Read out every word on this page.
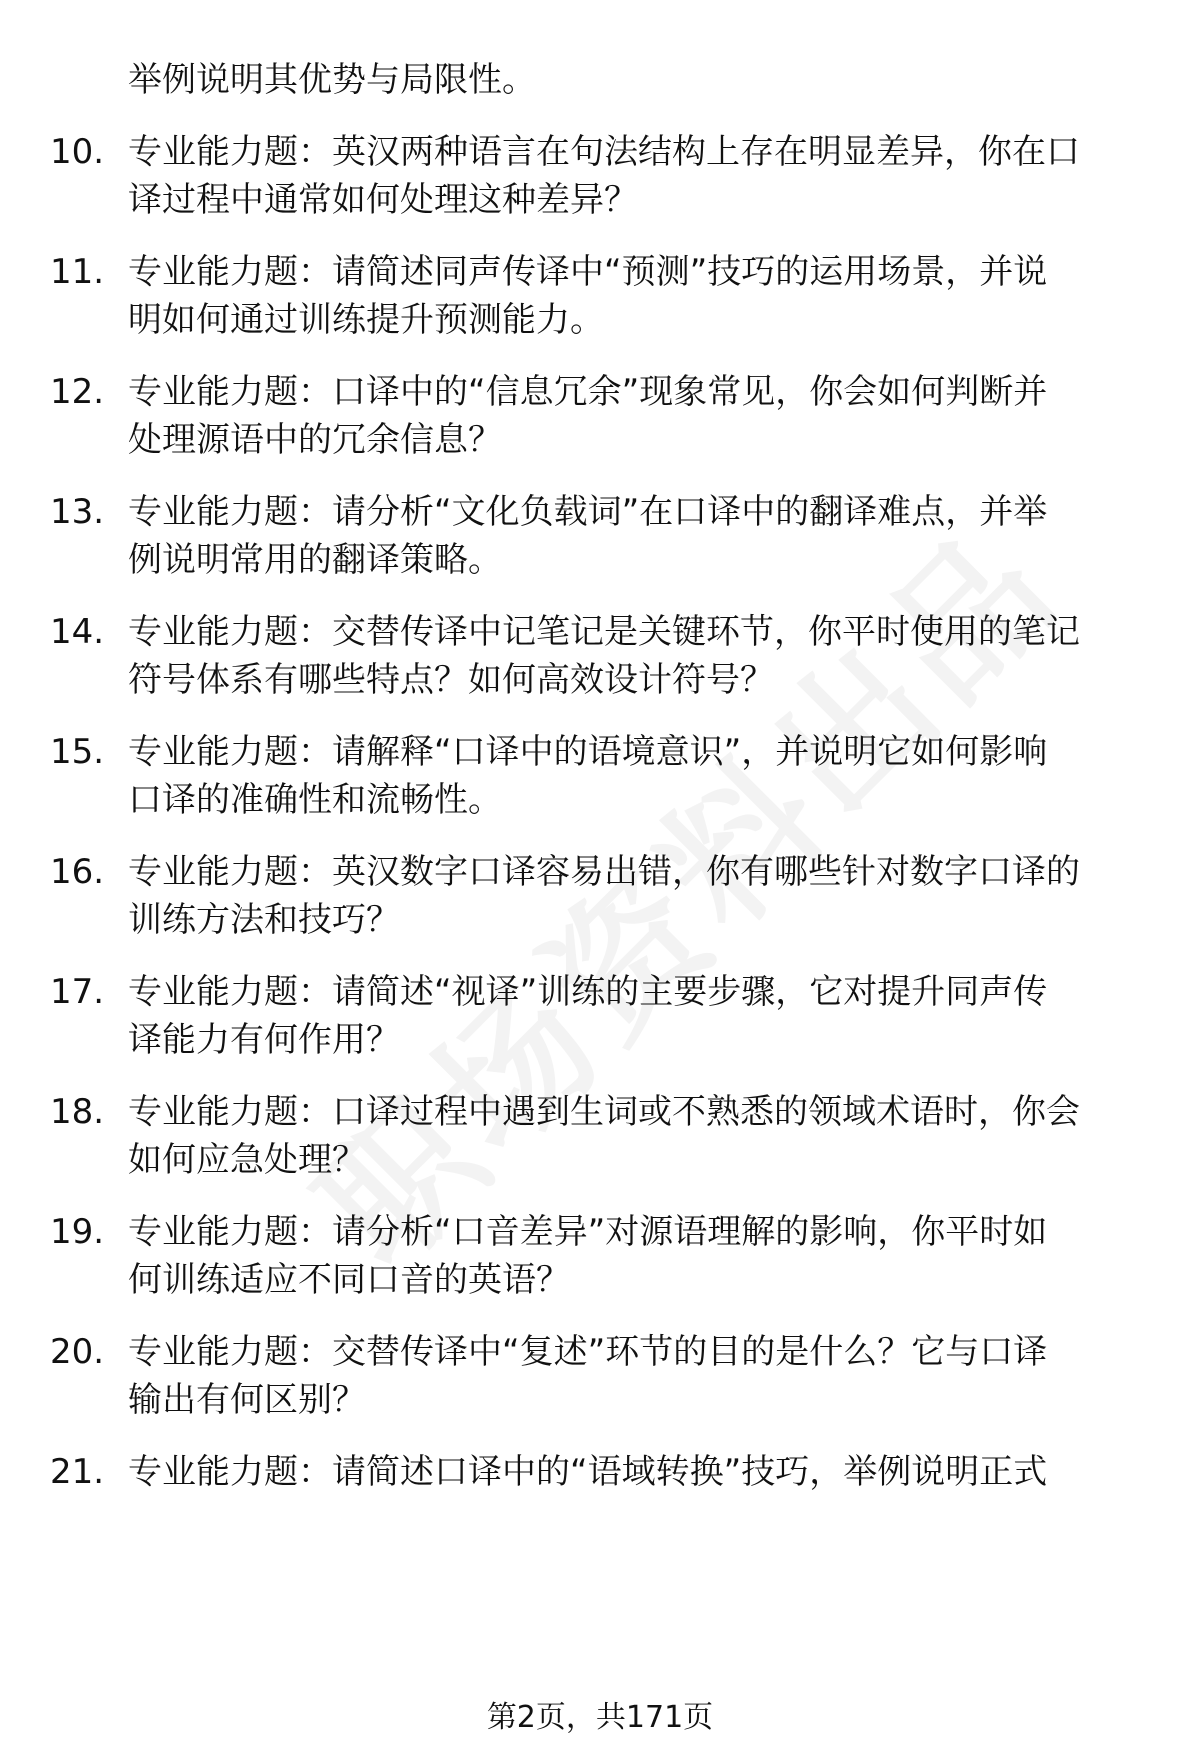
举例说明其优势与局限性。
10. 专业能力题：英汉两种语言在句法结构上存在明显差异，你在口
译过程中通常如何处理这种差异？

11. 专业能力题：请简述同声传译中“预测”技巧的运用场景，并说
明如何通过训练提升预测能力。

12. 专业能力题：口译中的“信息冗余”现象常见，你会如何判断并
处理源语中的冗余信息？

13. 专业能力题：请分析“文化负载词”在口译中的翻译难点，并举
例说明常用的翻译策略。

14. 专业能力题：交替传译中记笔记是关键环节，你平时使用的笔记
符号体系有哪些特点？如何高效设计符号？

15. 专业能力题：请解释“口译中的语境意识”，并说明它如何影响
口译的准确性和流畅性。

16. 专业能力题：英汉数字口译容易出错，你有哪些针对数字口译的
训练方法和技巧？

17. 专业能力题：请简述“视译”训练的主要步骤，它对提升同声传
译能力有何作用？

18. 专业能力题：口译过程中遇到生词或不熟悉的领域术语时，你会
如何应急处理？

19. 专业能力题：请分析“口音差异”对源语理解的影响，你平时如
何训练适应不同口音的英语？

20. 专业能力题：交替传译中“复述”环节的目的是什么？它与口译
输出有何区别？

21. 专业能力题：请简述口译中的“语域转换”技巧，举例说明正式

第2页，共171页
